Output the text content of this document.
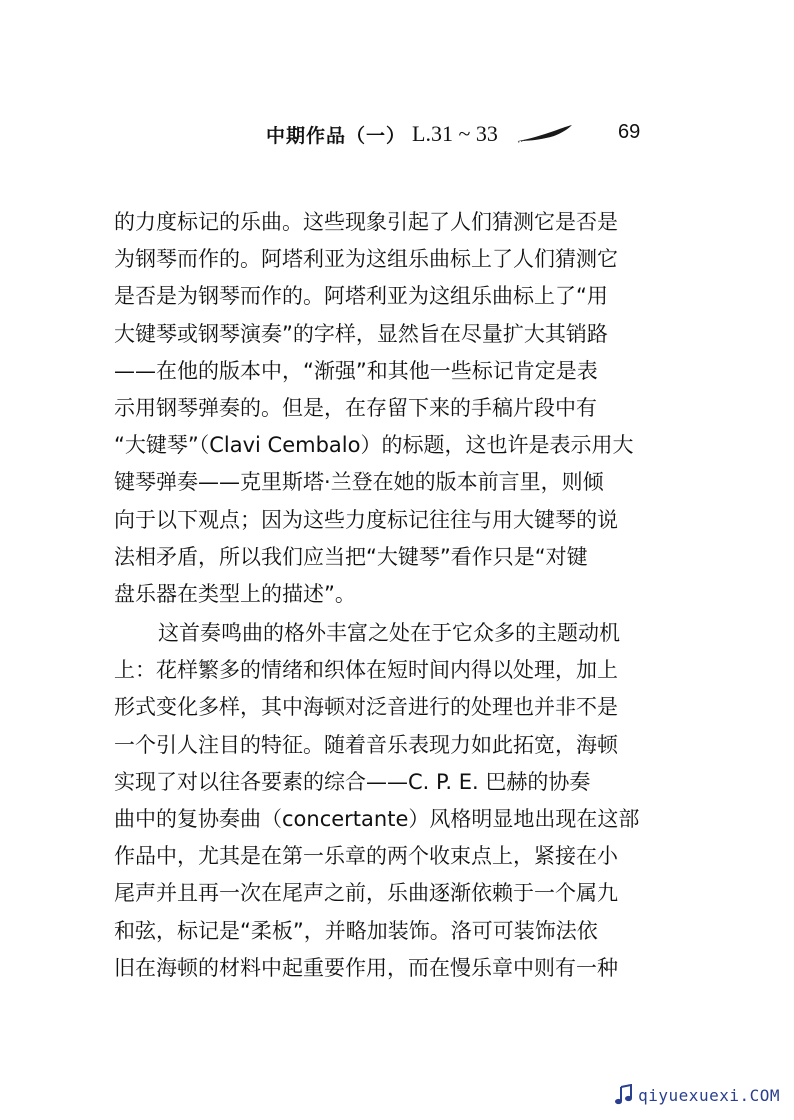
中期作品（一） L.31 ~ 33	69
的力度标记的乐曲。这些现象引起了人们猜测它是否是
为钢琴而作的。阿塔利亚为这组乐曲标上了人们猜测它
是否是为钢琴而作的。阿塔利亚为这组乐曲标上了“用
大键琴或钢琴演奏”的字样，显然旨在尽量扩大其销路
——在他的版本中，“渐强”和其他一些标记肯定是表
示用钢琴弹奏的。但是，在存留下来的手稿片段中有
“大键琴”（Clavi Cembalo）的标题，这也许是表示用大
键琴弹奏——克里斯塔·兰登在她的版本前言里，则倾
向于以下观点；因为这些力度标记往往与用大键琴的说
法相矛盾，所以我们应当把“大键琴”看作只是“对键
盘乐器在类型上的描述”。
这首奏鸣曲的格外丰富之处在于它众多的主题动机
上：花样繁多的情绪和织体在短时间内得以处理，加上
形式变化多样，其中海顿对泛音进行的处理也并非不是
一个引人注目的特征。随着音乐表现力如此拓宽，海顿
实现了对以往各要素的综合——C. P. E. 巴赫的协奏
曲中的复协奏曲（concertante）风格明显地出现在这部
作品中，尤其是在第一乐章的两个收束点上，紧接在小
尾声并且再一次在尾声之前，乐曲逐渐依赖于一个属九
和弦，标记是“柔板”，并略加装饰。洛可可装饰法依
旧在海顿的材料中起重要作用，而在慢乐章中则有一种
qiyuexuexi.COM
